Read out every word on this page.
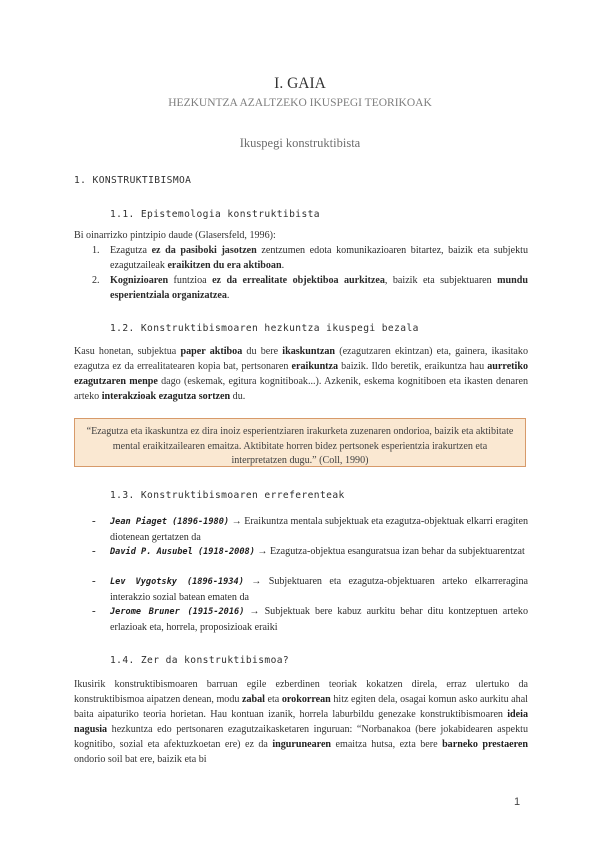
I. GAIA
HEZKUNTZA AZALTZEKO IKUSPEGI TEORIKOAK
Ikuspegi konstruktibista
1. KONSTRUKTIBISMOA
1.1. Epistemologia konstruktibista
Bi oinarrizko pintzipio daude (Glasersfeld, 1996):
1.	Ezagutza ez da pasiboki jasotzen zentzumen edota komunikazioaren bitartez, baizik eta subjektu ezagutzaileak eraikitzen du era aktiboan.
2.	Kognizioaren funtzioa ez da errealitate objektiboa aurkitzea, baizik eta subjektuaren mundu esperientziala organizatzea.
1.2. Konstruktibismoaren hezkuntza ikuspegi bezala
Kasu honetan, subjektua paper aktiboa du bere ikaskuntzan (ezagutzaren ekintzan) eta, gainera, ikasitako ezagutza ez da errealitatearen kopia bat, pertsonaren eraikuntza baizik. Ildo beretik, eraikuntza hau aurretiko ezagutzaren menpe dago (eskemak, egitura kognitiboak...). Azkenik, eskema kognitiboen eta ikasten denaren arteko interakzioak ezagutza sortzen du.
“Ezagutza eta ikaskuntza ez dira inoiz esperientziaren irakurketa zuzenaren ondorioa, baizik eta aktibitate mental eraikitzailearen emaitza. Aktibitate horren bidez pertsonek esperientzia irakurtzen eta interpretatzen dugu.” (Coll, 1990)
1.3. Konstruktibismoaren erreferenteak
- Jean Piaget (1896-1980) → Eraikuntza mentala subjektuak eta ezagutza-objektuak elkarri eragiten diotenean gertatzen da
- David P. Ausubel (1918-2008) → Ezagutza-objektua esanguratsua izan behar da subjektuarentzat
- Lev Vygotsky (1896-1934) → Subjektuaren eta ezagutza-objektuaren arteko elkarreragina interakzio sozial batean ematen da
- Jerome Bruner (1915-2016) → Subjektuak bere kabuz aurkitu behar ditu kontzeptuen arteko erlazioak eta, horrela, proposizioak eraiki
1.4. Zer da konstruktibismoa?
Ikusirik konstruktibismoaren barruan egile ezberdinen teoriak kokatzen direla, erraz ulertuko da konstruktibismoa aipatzen denean, modu zabal eta orokorrean hitz egiten dela, osagai komun asko aurkitu ahal baita aipaturiko teoria horietan. Hau kontuan izanik, horrela laburbildu genezake konstruktibismoaren ideia nagusia hezkuntza edo pertsonaren ezagutzaikasketaren inguruan: “Norbanakoa (bere jokabidearen aspektu kognitibo, sozial eta afektuzkoetan ere) ez da ingurunearen emaitza hutsa, ezta bere barneko prestaeren ondorio soil bat ere, baizik eta bi
1
